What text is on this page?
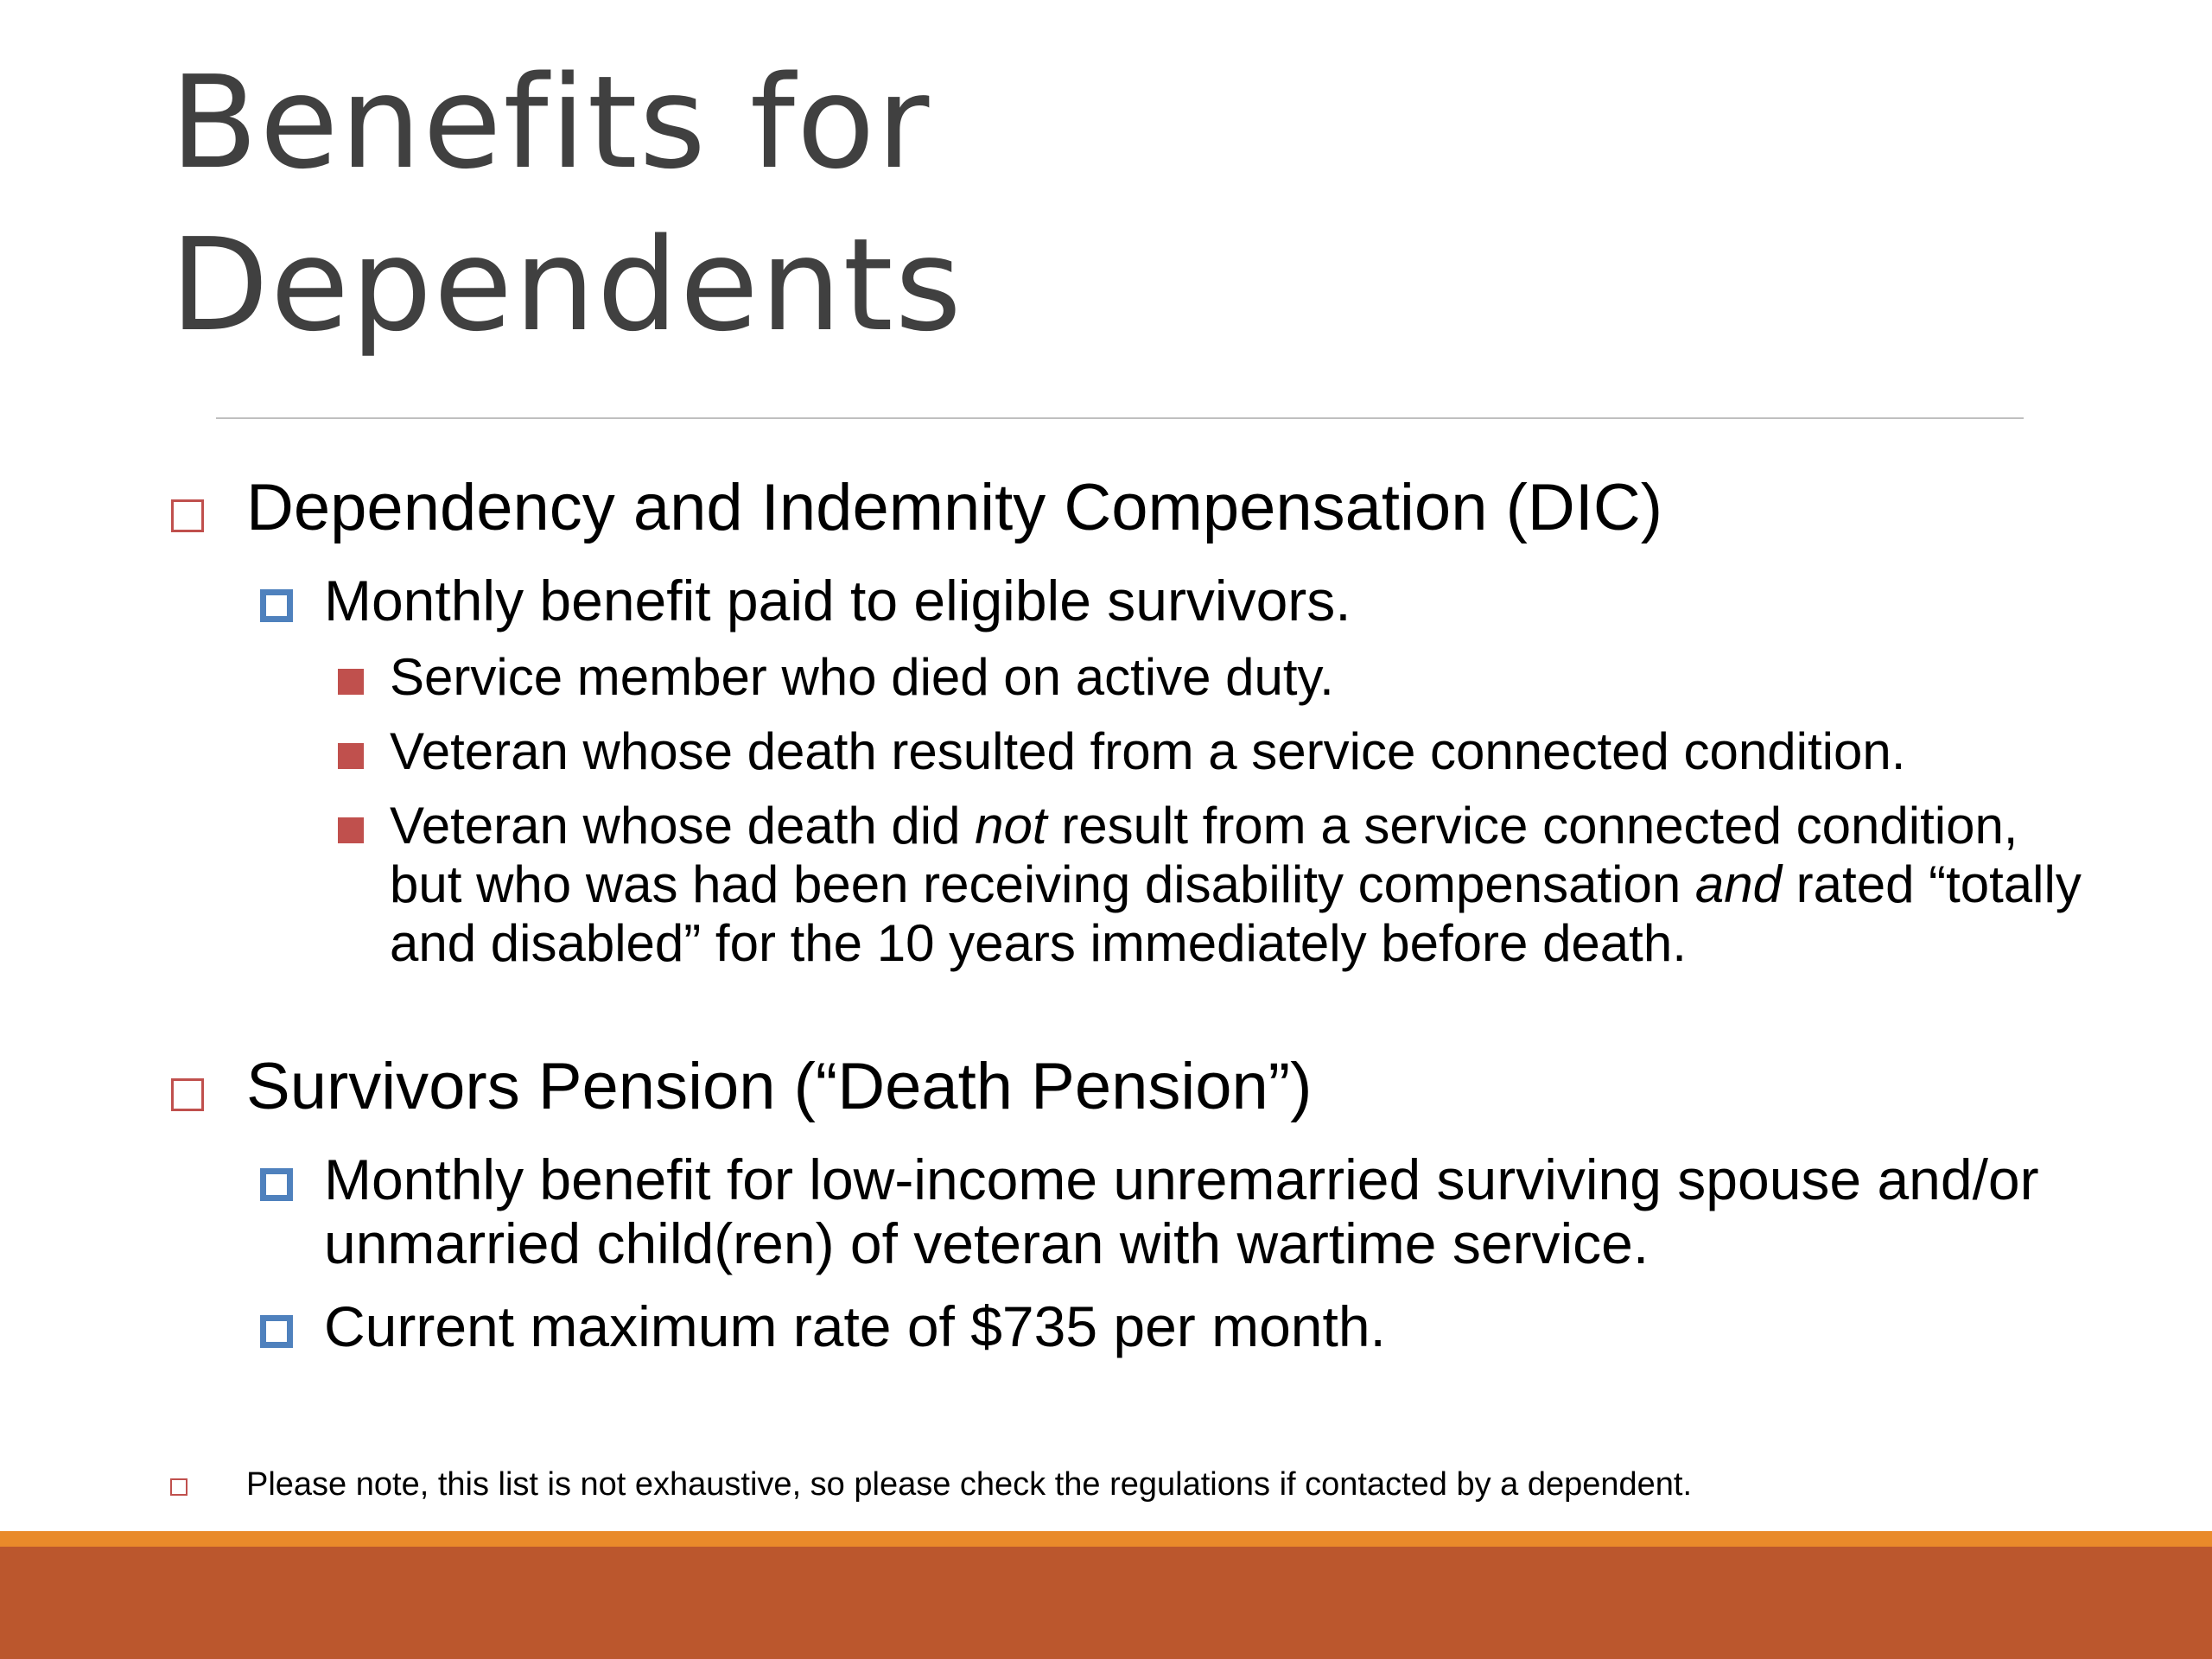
Benefits for
Dependents
Dependency and Indemnity Compensation (DIC)
Monthly benefit paid to eligible survivors.
Service member who died on active duty.
Veteran whose death resulted from a service connected condition.
Veteran whose death did not result from a service connected condition, but who was had been receiving disability compensation and rated “totally and disabled” for the 10 years immediately before death.
Survivors Pension (“Death Pension”)
Monthly benefit for low-income unremarried surviving spouse and/or unmarried child(ren) of veteran with wartime service.
Current maximum rate of $735 per month.
Please note, this list is not exhaustive, so please check the regulations if contacted by a dependent.
